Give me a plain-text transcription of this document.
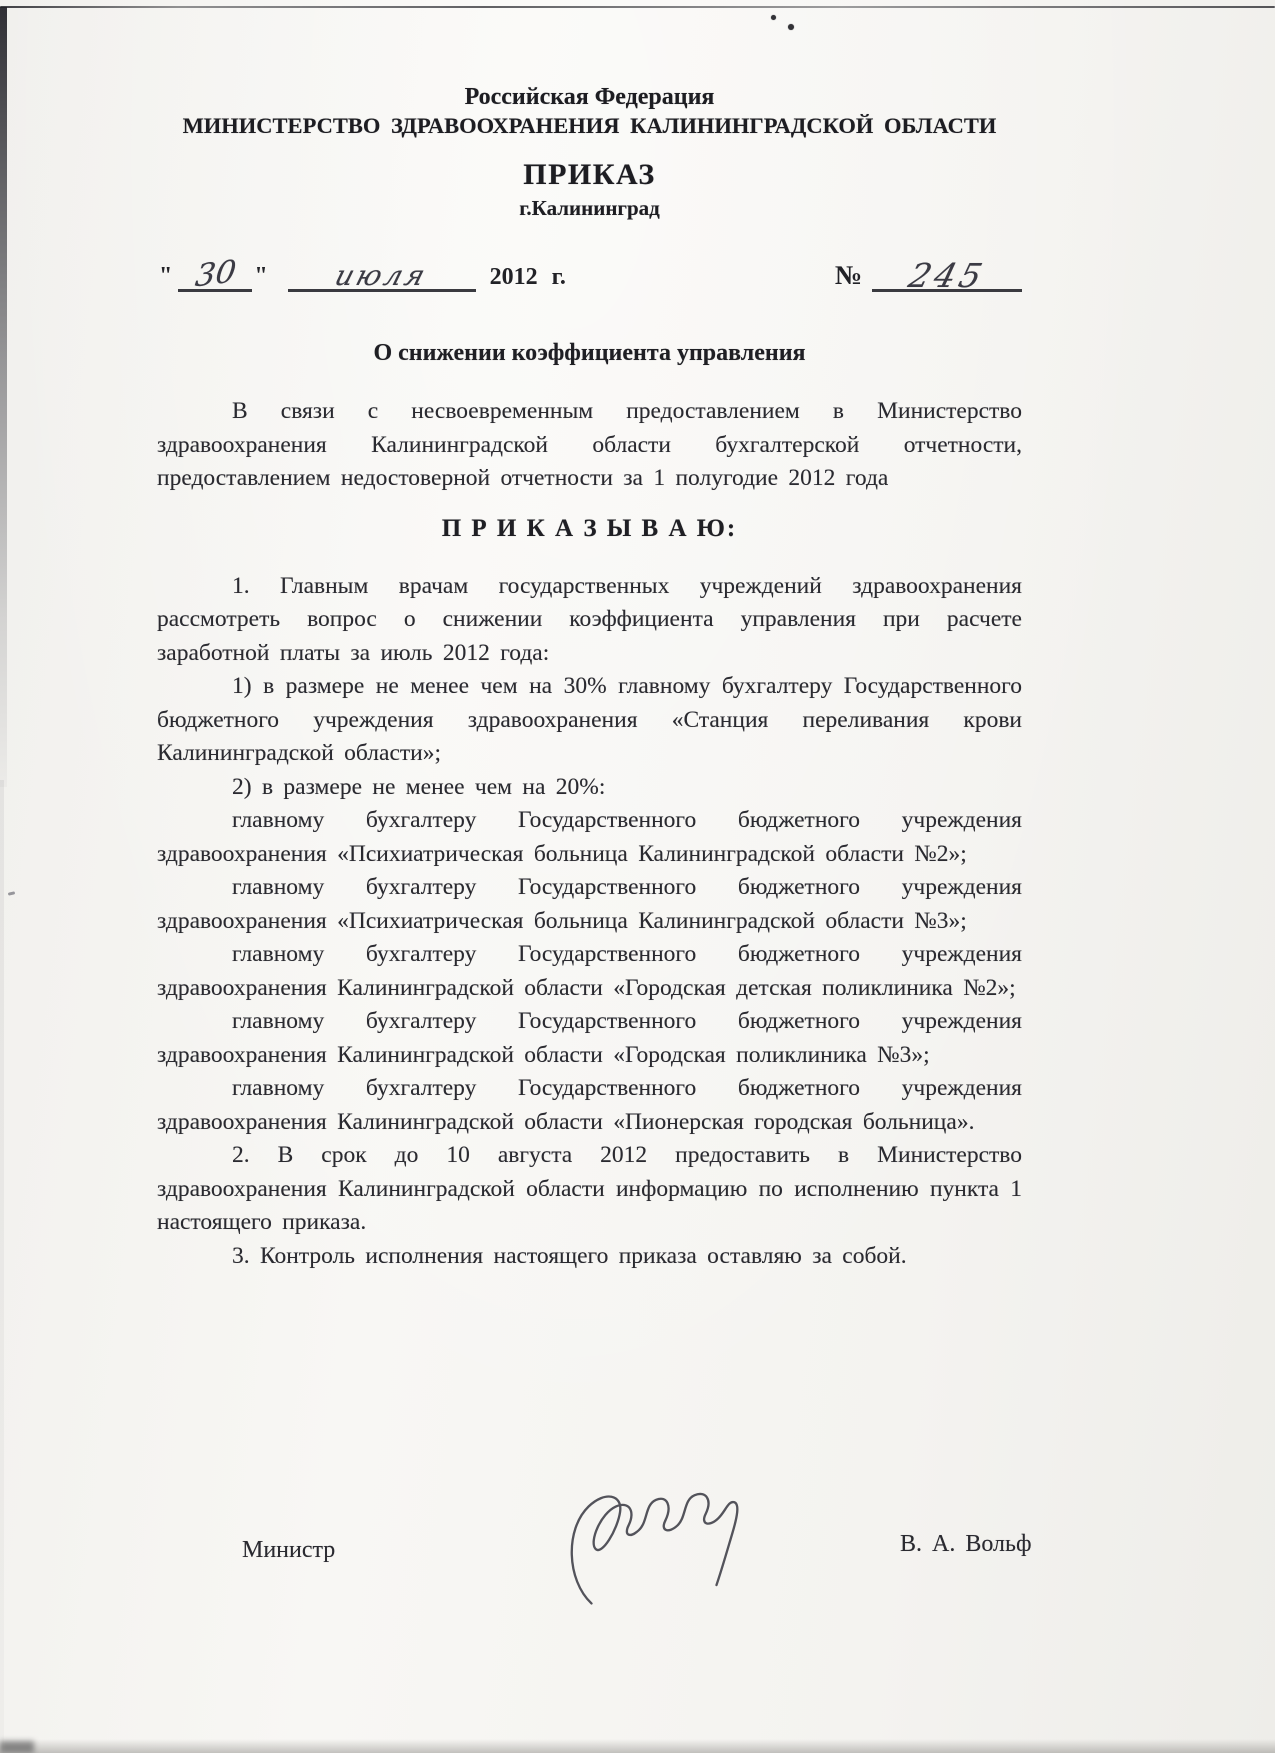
Российская Федерация
МИНИСТЕРСТВО ЗДРАВООХРАНЕНИЯ КАЛИНИНГРАДСКОЙ ОБЛАСТИ
ПРИКАЗ
г.Калининград
" 30 "	июля	2012 г.	№	245
О снижении коэффициента управления

В связи с несвоевременным предоставлением в Министерство здравоохранения Калининградской области бухгалтерской отчетности, предоставлением недостоверной отчетности за 1 полугодие 2012 года

П Р И К А З Ы В А Ю:

1. Главным врачам государственных учреждений здравоохранения рассмотреть вопрос о снижении коэффициента управления при расчете заработной платы за июль 2012 года:

1) в размере не менее чем на 30% главному бухгалтеру Государственного бюджетного учреждения здравоохранения «Станция переливания крови Калининградской области»;

2) в размере не менее чем на 20%:

главному бухгалтеру Государственного бюджетного учреждения здравоохранения «Психиатрическая больница Калининградской области №2»;

главному бухгалтеру Государственного бюджетного учреждения здравоохранения «Психиатрическая больница Калининградской области №3»;

главному бухгалтеру Государственного бюджетного учреждения здравоохранения Калининградской области «Городская детская поликлиника №2»;

главному бухгалтеру Государственного бюджетного учреждения здравоохранения Калининградской области «Городская поликлиника №3»;

главному бухгалтеру Государственного бюджетного учреждения здравоохранения Калининградской области «Пионерская городская больница».

2. В срок до 10 августа 2012 предоставить в Министерство здравоохранения Калининградской области информацию по исполнению пункта 1 настоящего приказа.

3. Контроль исполнения настоящего приказа оставляю за собой.

Министр	В. А. Вольф
